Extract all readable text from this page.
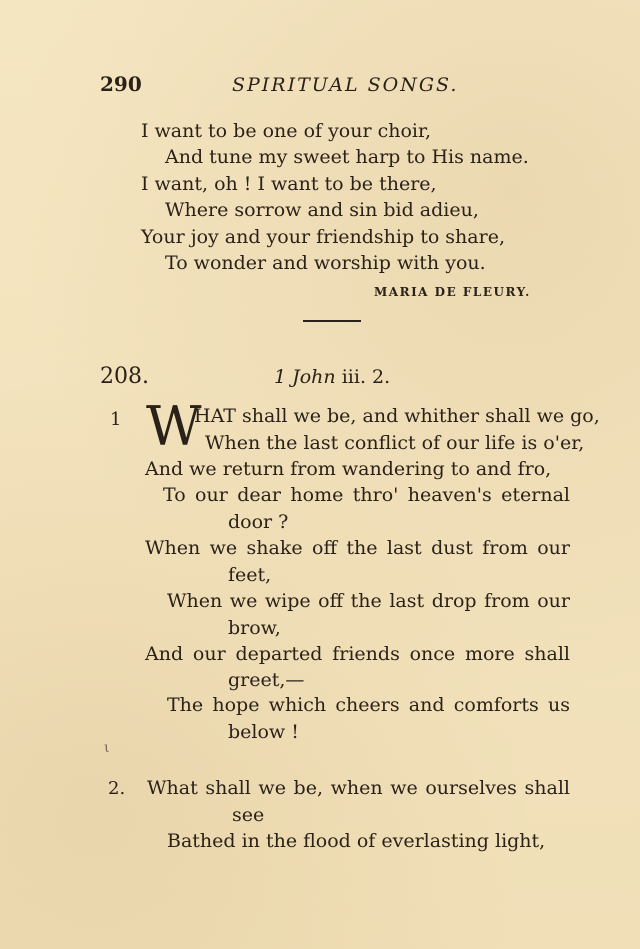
290	SPIRITUAL SONGS.
I want to be one of your choir,
And tune my sweet harp to His name.
I want, oh ! I want to be there,
Where sorrow and sin bid adieu,
Your joy and your friendship to share,
To wonder and worship with you.
MARIA DE FLEURY.
208.	1 John iii. 2.
1 W
HAT shall we be, and whither shall we go,
When the last conflict of our life is o'er,
And we return from wandering to and fro,
To our dear home thro' heaven's eternal
door ?
When we shake off the last dust from our
feet,
When we wipe off the last drop from our
brow,
And our departed friends once more shall
greet,—
The hope which cheers and comforts us
below !
ι
2. What shall we be, when we ourselves shall
see
Bathed in the flood of everlasting light,
